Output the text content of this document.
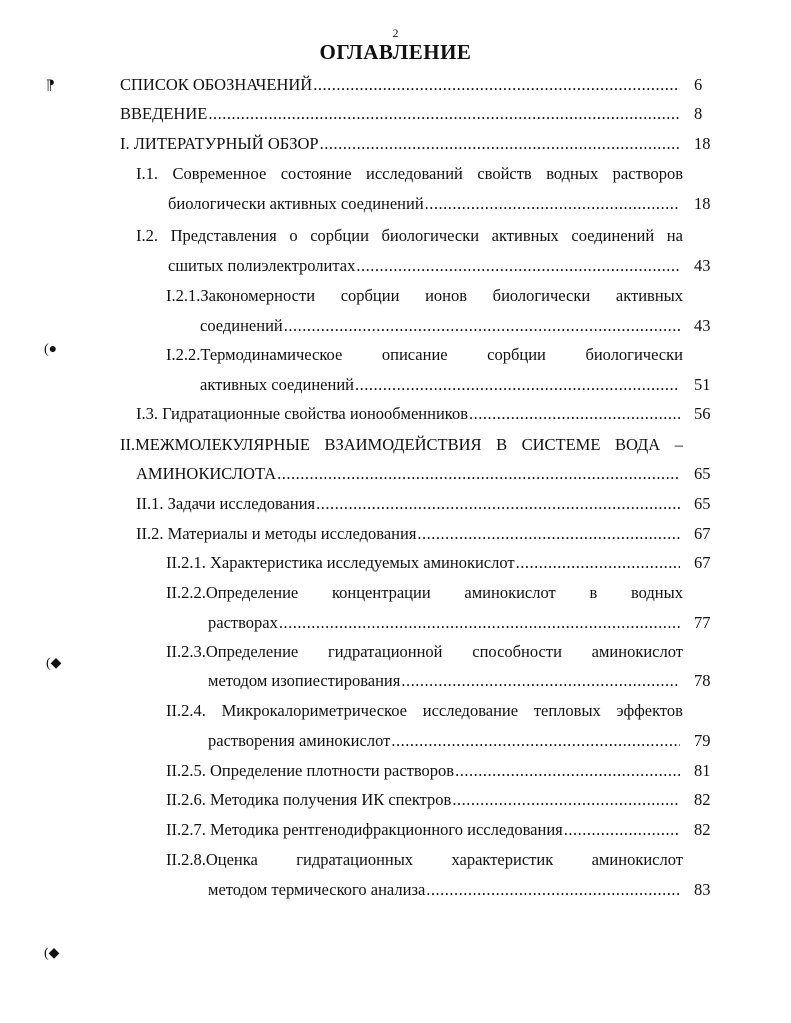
2
ОГЛАВЛЕНИЕ
⁋
(●
(◆
(◆
СПИСОК ОБОЗНАЧЕНИЙ .....	6
ВВЕДЕНИЕ .....	8
I. ЛИТЕРАТУРНЫЙ ОБЗОР .....	18
I.1. Современное состояние исследований свойств водных растворов
биологически активных соединений .....	18
I.2. Представления о сорбции биологически активных соединений на
сшитых полиэлектролитах .....	43
I.2.1.Закономерности сорбции ионов биологически активных
соединений .....	43
I.2.2.Термодинамическое описание сорбции биологически
активных соединений .....	51
I.3. Гидратационные свойства ионообменников .....	56
II.МЕЖМОЛЕКУЛЯРНЫЕ ВЗАИМОДЕЙСТВИЯ В СИСТЕМЕ ВОДА –
АМИНОКИСЛОТА .....	65
II.1. Задачи исследования .....	65
II.2. Материалы и методы исследования .....	67
II.2.1. Характеристика исследуемых аминокислот .....	67
II.2.2.Определение концентрации аминокислот в водных
растворах .....	77
II.2.3.Определение гидратационной способности аминокислот
методом изопиестирования .....	78
II.2.4. Микрокалориметрическое исследование тепловых эффектов
растворения аминокислот .....	79
II.2.5. Определение плотности растворов .....	81
II.2.6. Методика получения ИК спектров .....	82
II.2.7. Методика рентгенодифракционного исследования .....	82
II.2.8.Оценка гидратационных характеристик аминокислот
методом термического анализа .....	83
